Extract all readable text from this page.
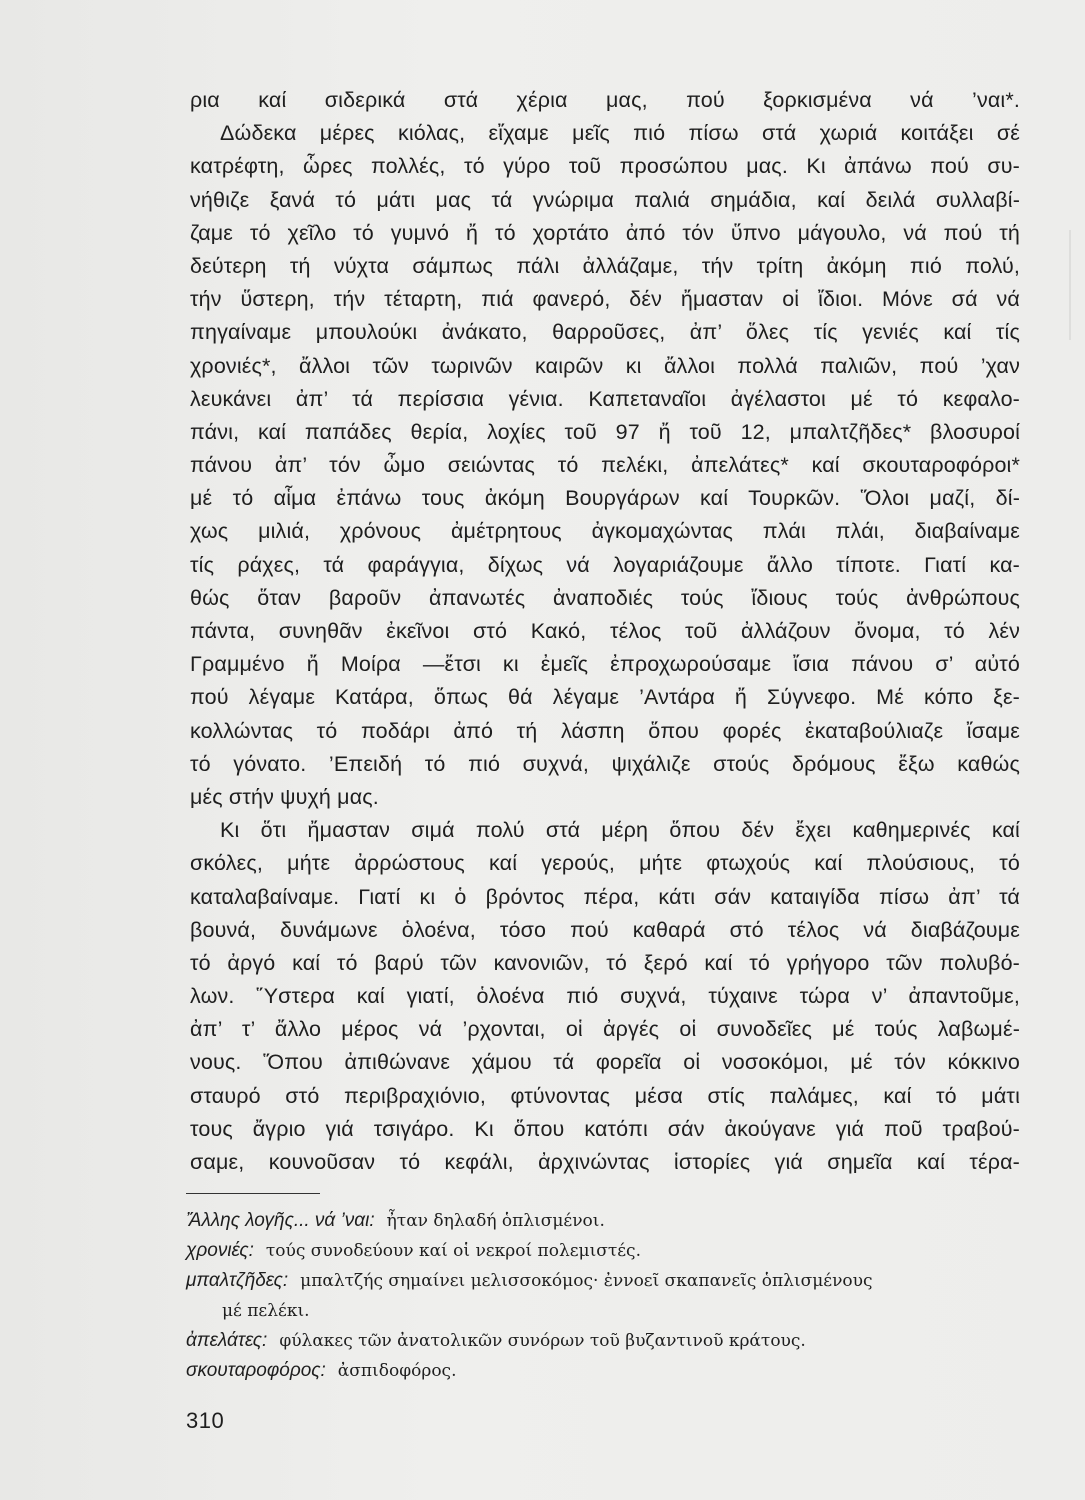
ρια καί σιδερικά στά χέρια μας, πού ξορκισμένα νά ’ναι*.
Δώδεκα μέρες κιόλας, εἴχαμε μεῖς πιό πίσω στά χωριά κοιτάξει σέ
κατρέφτη, ὧρες πολλές, τό γύρο τοῦ προσώπου μας. Κι ἀπάνω πού συ-
νήθιζε ξανά τό μάτι μας τά γνώριμα παλιά σημάδια, καί δειλά συλλαβί-
ζαμε τό χεῖλο τό γυμνό ἤ τό χορτάτο ἀπό τόν ὕπνο μάγουλο, νά πού τή
δεύτερη τή νύχτα σάμπως πάλι ἀλλάζαμε, τήν τρίτη ἀκόμη πιό πολύ,
τήν ὕστερη, τήν τέταρτη, πιά φανερό, δέν ἤμασταν οἱ ἴδιοι. Μόνε σά νά
πηγαίναμε μπουλούκι ἀνάκατο, θαρροῦσες, ἀπ’ ὅλες τίς γενιές καί τίς
χρονιές*, ἄλλοι τῶν τωρινῶν καιρῶν κι ἄλλοι πολλά παλιῶν, πού ’χαν
λευκάνει ἀπ’ τά περίσσια γένια. Καπεταναῖοι ἀγέλαστοι μέ τό κεφαλο-
πάνι, καί παπάδες θερία, λοχίες τοῦ 97 ἤ τοῦ 12, μπαλτζῆδες* βλοσυροί
πάνου ἀπ’ τόν ὦμο σειώντας τό πελέκι, ἀπελάτες* καί σκουταροφόροι*
μέ τό αἷμα ἐπάνω τους ἀκόμη Βουργάρων καί Τουρκῶν. Ὅλοι μαζί, δί-
χως μιλιά, χρόνους ἀμέτρητους ἀγκομαχώντας πλάι πλάι, διαβαίναμε
τίς ράχες, τά φαράγγια, δίχως νά λογαριάζουμε ἄλλο τίποτε. Γιατί κα-
θώς ὅταν βαροῦν ἀπανωτές ἀναποδιές τούς ἴδιους τούς ἀνθρώπους
πάντα, συνηθᾶν ἐκεῖνοι στό Κακό, τέλος τοῦ ἀλλάζουν ὄνομα, τό λέν
Γραμμένο ἤ Μοίρα —ἔτσι κι ἐμεῖς ἐπροχωρούσαμε ἴσια πάνου σ’ αὐτό
πού λέγαμε Κατάρα, ὅπως θά λέγαμε ’Αντάρα ἤ Σύγνεφο. Μέ κόπο ξε-
κολλώντας τό ποδάρι ἀπό τή λάσπη ὅπου φορές ἐκαταβούλιαζε ἴσαμε
τό γόνατο. ’Επειδή τό πιό συχνά, ψιχάλιζε στούς δρόμους ἔξω καθώς
μές στήν ψυχή μας.
Κι ὅτι ἤμασταν σιμά πολύ στά μέρη ὅπου δέν ἔχει καθημερινές καί
σκόλες, μήτε ἀρρώστους καί γερούς, μήτε φτωχούς καί πλούσιους, τό
καταλαβαίναμε. Γιατί κι ὁ βρόντος πέρα, κάτι σάν καταιγίδα πίσω ἀπ’ τά
βουνά, δυνάμωνε ὁλοένα, τόσο πού καθαρά στό τέλος νά διαβάζουμε
τό ἀργό καί τό βαρύ τῶν κανονιῶν, τό ξερό καί τό γρήγορο τῶν πολυβό-
λων. Ὕστερα καί γιατί, ὁλοένα πιό συχνά, τύχαινε τώρα ν’ ἀπαντοῦμε,
ἀπ’ τ’ ἄλλο μέρος νά ’ρχονται, οἱ ἀργές οἱ συνοδεῖες μέ τούς λαβωμέ-
νους. Ὅπου ἀπιθώνανε χάμου τά φορεῖα οἱ νοσοκόμοι, μέ τόν κόκκινο
σταυρό στό περιβραχιόνιο, φτύνοντας μέσα στίς παλάμες, καί τό μάτι
τους ἄγριο γιά τσιγάρο. Κι ὅπου κατόπι σάν ἀκούγανε γιά ποῦ τραβού-
σαμε, κουνοῦσαν τό κεφάλι, ἀρχινώντας ἱστορίες γιά σημεῖα καί τέρα-
Ἄλλης λογῆς... νά ’ναι: ἦταν δηλαδή ὁπλισμένοι.
χρονιές: τούς συνοδεύουν καί οἱ νεκροί πολεμιστές.
μπαλτζῆδες: μπαλτζής σημαίνει μελισσοκόμος· ἐννοεῖ σκαπανεῖς ὁπλισμένους
μέ πελέκι.
ἀπελάτες: φύλακες τῶν ἀνατολικῶν συνόρων τοῦ βυζαντινοῦ κράτους.
σκουταροφόρος: ἀσπιδοφόρος.
310
